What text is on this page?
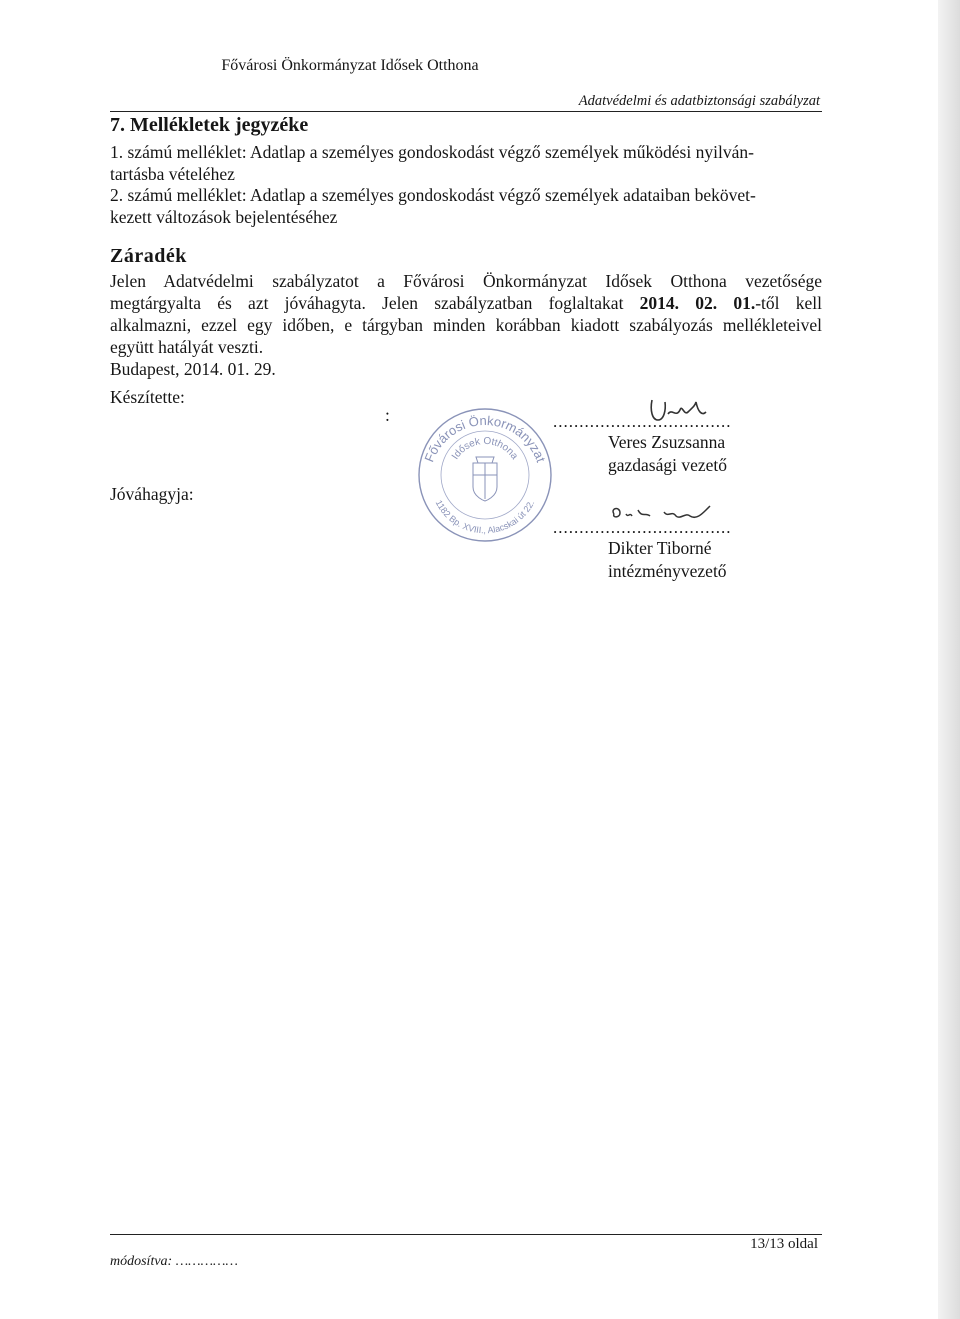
Fővárosi Önkormányzat Idősek Otthona
Adatvédelmi és adatbiztonsági szabályzat
7. Mellékletek jegyzéke
1. számú melléklet: Adatlap a személyes gondoskodást végző személyek működési nyilván-
tartásba vételéhez
2. számú melléklet: Adatlap a személyes gondoskodást végző személyek adataiban bekövet-
kezett változások bejelentéséhez
Záradék
Jelen Adatvédelmi szabályzatot a Fővárosi Önkormányzat Idősek Otthona vezetősége
megtárgyalta és azt jóváhagyta. Jelen szabályzatban foglaltakat 2014. 02. 01.-től kell
alkalmazni, ezzel egy időben, e tárgyban minden korábban kiadott szabályozás mellékleteivel
együtt hatályát veszti.
Budapest, 2014. 01. 29.
Készítette:
:	..................................
Veres Zsuzsanna
gazdasági vezető
Fővárosi Önkormányzat
Idősek Otthona
1182 Bp. XVIII., Alacskai út 22.
Jóváhagyja:
..................................
Dikter Tiborné
intézményvezető
13/13 oldal
módosítva: ……………
